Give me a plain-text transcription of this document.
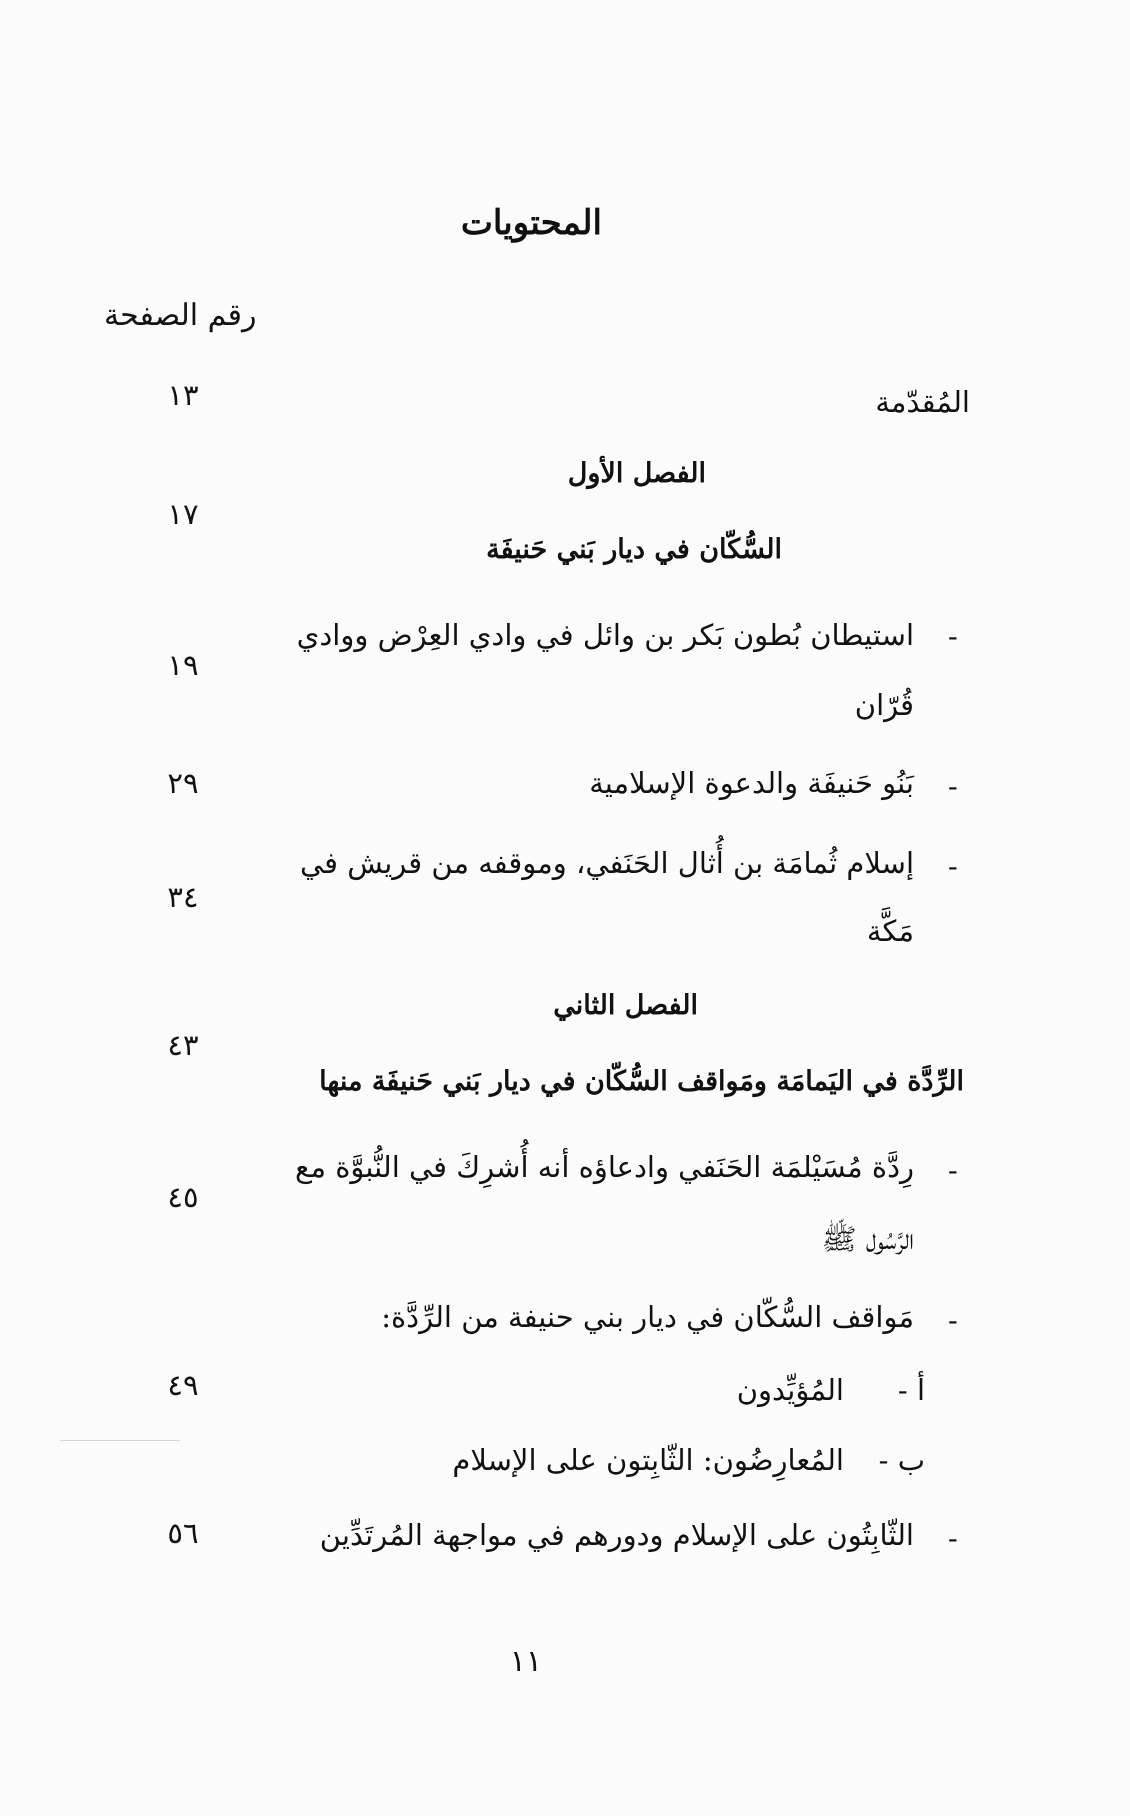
المحتويات
رقم الصفحة
المُقدّمة
١٣
الفصل الأول
١٧
السُّكّان في ديار بَني حَنيفَة
-
استيطان بُطون بَكر بن وائل في وادي العِرْض ووادي
قُرّان
١٩
-
بَنُو حَنيفَة والدعوة الإسلامية
٢٩
-
إسلام ثُمامَة بن أُثال الحَنَفي، وموقفه من قريش في
مَكَّة
٣٤
الفصل الثاني
٤٣
الرِّدَّة في اليَمامَة ومَواقف السُّكّان في ديار بَني حَنيفَة منها
-
رِدَّة مُسَيْلمَة الحَنَفي وادعاؤه أنه أُشرِكَ في النُّبوَّة مع
الرَّسُول ﷺ
٤٥
-
مَواقف السُّكّان في ديار بني حنيفة من الرِّدَّة:
أ -
المُؤيِّدون
٤٩
ب -
المُعارِضُون: الثّابِتون على الإسلام
-
الثّابِتُون على الإسلام ودورهم في مواجهة المُرتَدِّين
٥٦
١١
